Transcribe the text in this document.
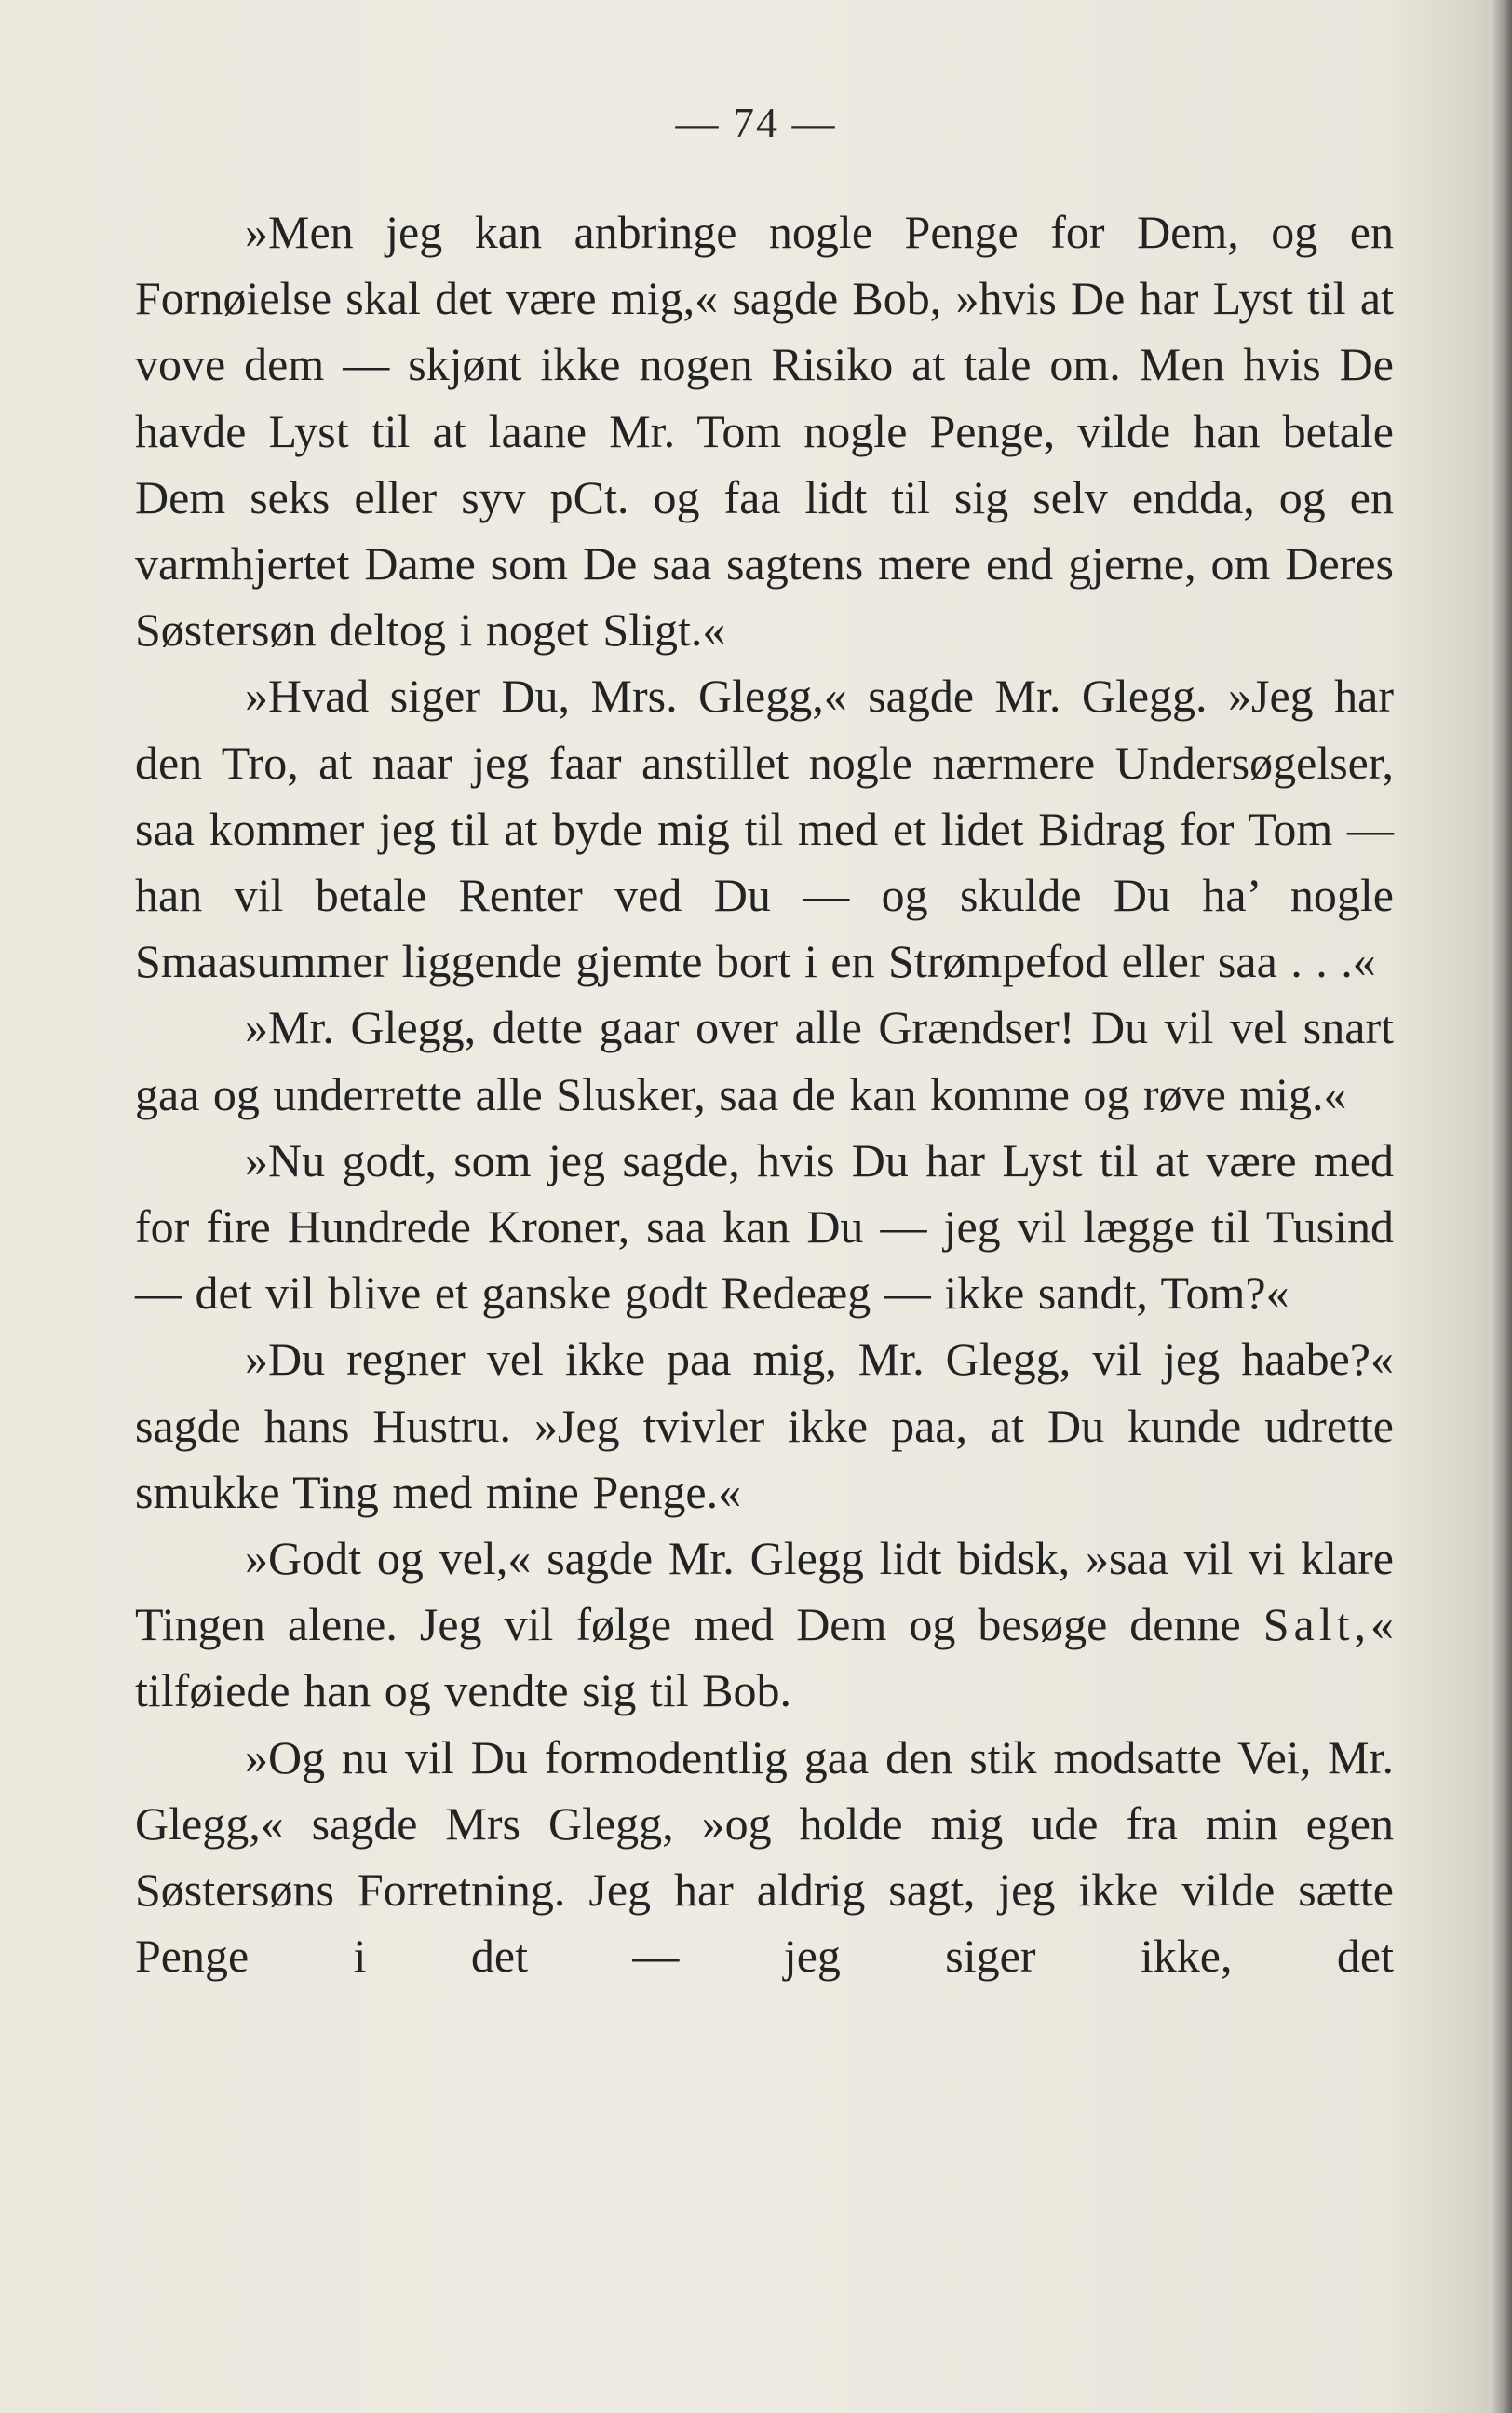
— 74 —

»Men jeg kan anbringe nogle Penge for Dem, og en Fornøielse skal det være mig,« sagde Bob, »hvis De har Lyst til at vove dem — skjønt ikke nogen Risiko at tale om. Men hvis De havde Lyst til at laane Mr. Tom nogle Penge, vilde han betale Dem seks eller syv pCt. og faa lidt til sig selv endda, og en varmhjertet Dame som De saa sagtens mere end gjerne, om Deres Søstersøn deltog i noget Sligt.«

»Hvad siger Du, Mrs. Glegg,« sagde Mr. Glegg. »Jeg har den Tro, at naar jeg faar anstillet nogle nærmere Undersøgelser, saa kommer jeg til at byde mig til med et lidet Bidrag for Tom — han vil betale Renter ved Du — og skulde Du ha’ nogle Smaasummer liggende gjemte bort i en Strømpefod eller saa . . .«

»Mr. Glegg, dette gaar over alle Grændser! Du vil vel snart gaa og underrette alle Slusker, saa de kan komme og røve mig.«

»Nu godt, som jeg sagde, hvis Du har Lyst til at være med for fire Hundrede Kroner, saa kan Du — jeg vil lægge til Tusind — det vil blive et ganske godt Redeæg — ikke sandt, Tom?«

»Du regner vel ikke paa mig, Mr. Glegg, vil jeg haabe?« sagde hans Hustru. »Jeg tvivler ikke paa, at Du kunde udrette smukke Ting med mine Penge.«

»Godt og vel,« sagde Mr. Glegg lidt bidsk, »saa vil vi klare Tingen alene. Jeg vil følge med Dem og besøge denne Salt,« tilføiede han og vendte sig til Bob.

»Og nu vil Du formodentlig gaa den stik modsatte Vei, Mr. Glegg,« sagde Mrs Glegg, »og holde mig ude fra min egen Søstersøns Forretning. Jeg har aldrig sagt, jeg ikke vilde sætte Penge i det — jeg siger ikke, det
